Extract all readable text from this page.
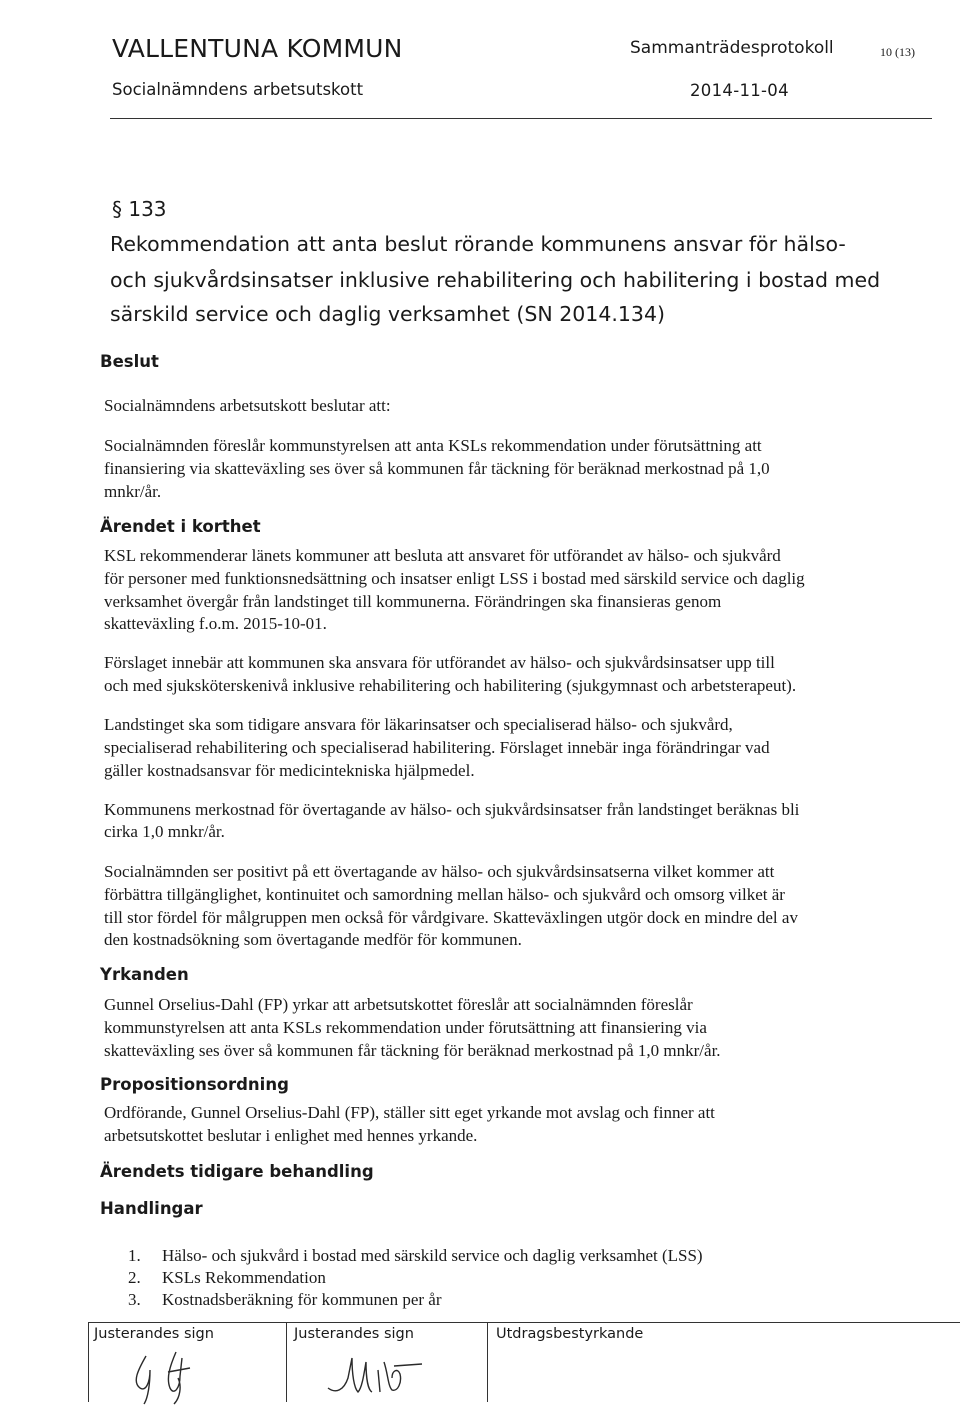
VALLENTUNA KOMMUN	Sammanträdesprotokoll	10 (13)
Socialnämndens arbetsutskott	2014-11-04
§ 133
Rekommendation att anta beslut rörande kommunens ansvar för hälso-
och sjukvårdsinsatser inklusive rehabilitering och habilitering i bostad med
särskild service och daglig verksamhet (SN 2014.134)
Beslut
Socialnämndens arbetsutskott beslutar att:
Socialnämnden föreslår kommunstyrelsen att anta KSLs rekommendation under förutsättning att
finansiering via skatteväxling ses över så kommunen får täckning för beräknad merkostnad på 1,0
mnkr/år.
Ärendet i korthet
KSL rekommenderar länets kommuner att besluta att ansvaret för utförandet av hälso- och sjukvård
för personer med funktionsnedsättning och insatser enligt LSS i bostad med särskild service och daglig
verksamhet övergår från landstinget till kommunerna. Förändringen ska finansieras genom
skatteväxling f.o.m. 2015-10-01.
Förslaget innebär att kommunen ska ansvara för utförandet av hälso- och sjukvårdsinsatser upp till
och med sjuksköterskenivå inklusive rehabilitering och habilitering (sjukgymnast och arbetsterapeut).
Landstinget ska som tidigare ansvara för läkarinsatser och specialiserad hälso- och sjukvård,
specialiserad rehabilitering och specialiserad habilitering. Förslaget innebär inga förändringar vad
gäller kostnadsansvar för medicintekniska hjälpmedel.
Kommunens merkostnad för övertagande av hälso- och sjukvårdsinsatser från landstinget beräknas bli
cirka 1,0 mnkr/år.
Socialnämnden ser positivt på ett övertagande av hälso- och sjukvårdsinsatserna vilket kommer att
förbättra tillgänglighet, kontinuitet och samordning mellan hälso- och sjukvård och omsorg vilket är
till stor fördel för målgruppen men också för vårdgivare. Skatteväxlingen utgör dock en mindre del av
den kostnadsökning som övertagande medför för kommunen.
Yrkanden
Gunnel Orselius-Dahl (FP) yrkar att arbetsutskottet föreslår att socialnämnden föreslår
kommunstyrelsen att anta KSLs rekommendation under förutsättning att finansiering via
skatteväxling ses över så kommunen får täckning för beräknad merkostnad på 1,0 mnkr/år.
Propositionsordning
Ordförande, Gunnel Orselius-Dahl (FP), ställer sitt eget yrkande mot avslag och finner att
arbetsutskottet beslutar i enlighet med hennes yrkande.
Ärendets tidigare behandling
Handlingar
1. Hälso- och sjukvård i bostad med särskild service och daglig verksamhet (LSS)
2. KSLs Rekommendation
3. Kostnadsberäkning för kommunen per år
Justerandes sign	Justerandes sign	Utdragsbestyrkande
